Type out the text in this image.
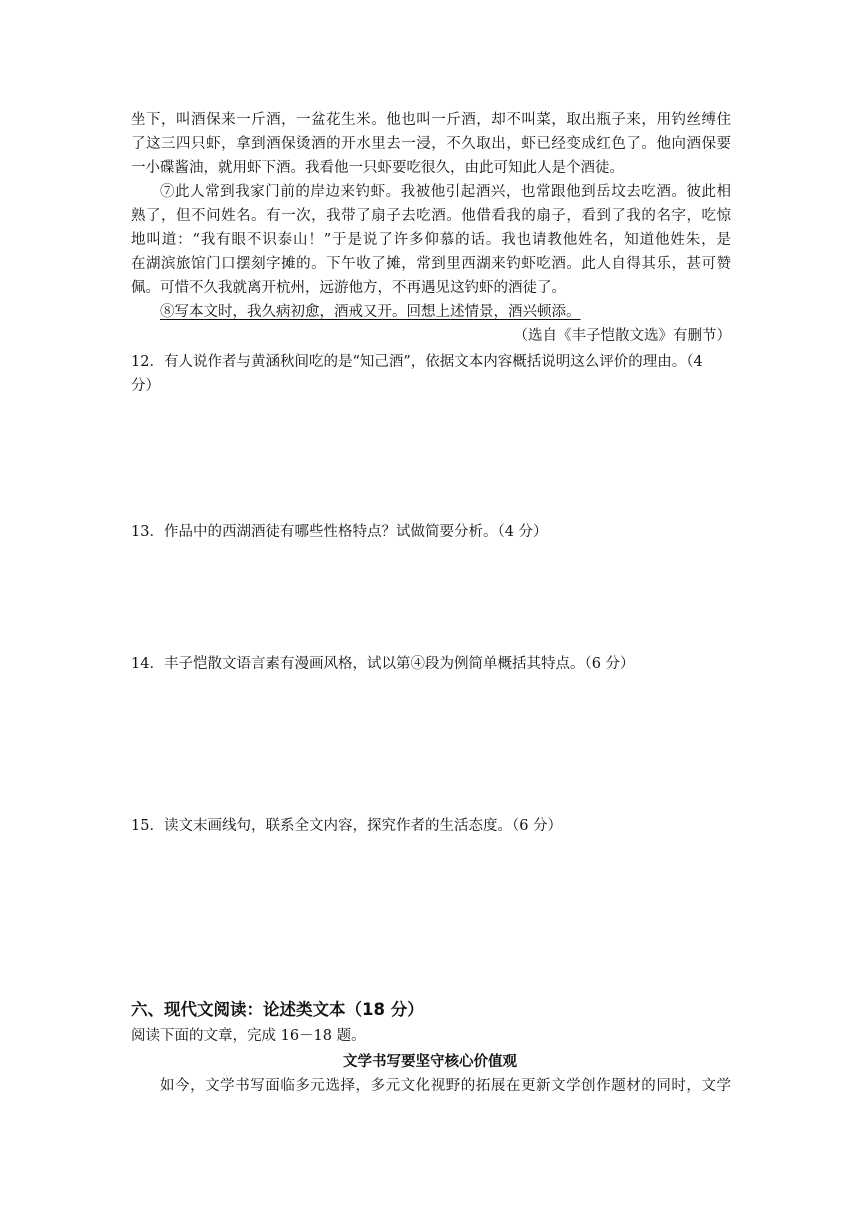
坐下，叫酒保来一斤酒，一盆花生米。他也叫一斤酒，却不叫菜，取出瓶子来，用钓丝缚住
了这三四只虾，拿到酒保烫酒的开水里去一浸，不久取出，虾已经变成红色了。他向酒保要
一小碟酱油，就用虾下酒。我看他一只虾要吃很久，由此可知此人是个酒徒。
⑦此人常到我家门前的岸边来钓虾。我被他引起酒兴，也常跟他到岳坟去吃酒。彼此相
熟了，但不问姓名。有一次，我带了扇子去吃酒。他借看我的扇子，看到了我的名字，吃惊
地叫道：“我有眼不识泰山！”于是说了许多仰慕的话。我也请教他姓名，知道他姓朱，是
在湖滨旅馆门口摆刻字摊的。下午收了摊，常到里西湖来钓虾吃酒。此人自得其乐，甚可赞
佩。可惜不久我就离开杭州，远游他方，不再遇见这钓虾的酒徒了。
⑧写本文时，我久病初愈，酒戒又开。回想上述情景，酒兴顿添。
（选自《丰子恺散文选》有删节）
12．有人说作者与黄涵秋间吃的是“知己酒”，依据文本内容概括说明这么评价的理由。（4
分）
13．作品中的西湖酒徒有哪些性格特点？试做简要分析。（4 分）
14．丰子恺散文语言素有漫画风格，试以第④段为例简单概括其特点。（6 分）
15．读文末画线句，联系全文内容，探究作者的生活态度。（6 分）
六、现代文阅读：论述类文本（18 分）
阅读下面的文章，完成 16－18 题。
文学书写要坚守核心价值观
如今，文学书写面临多元选择，多元文化视野的拓展在更新文学创作题材的同时，文学
